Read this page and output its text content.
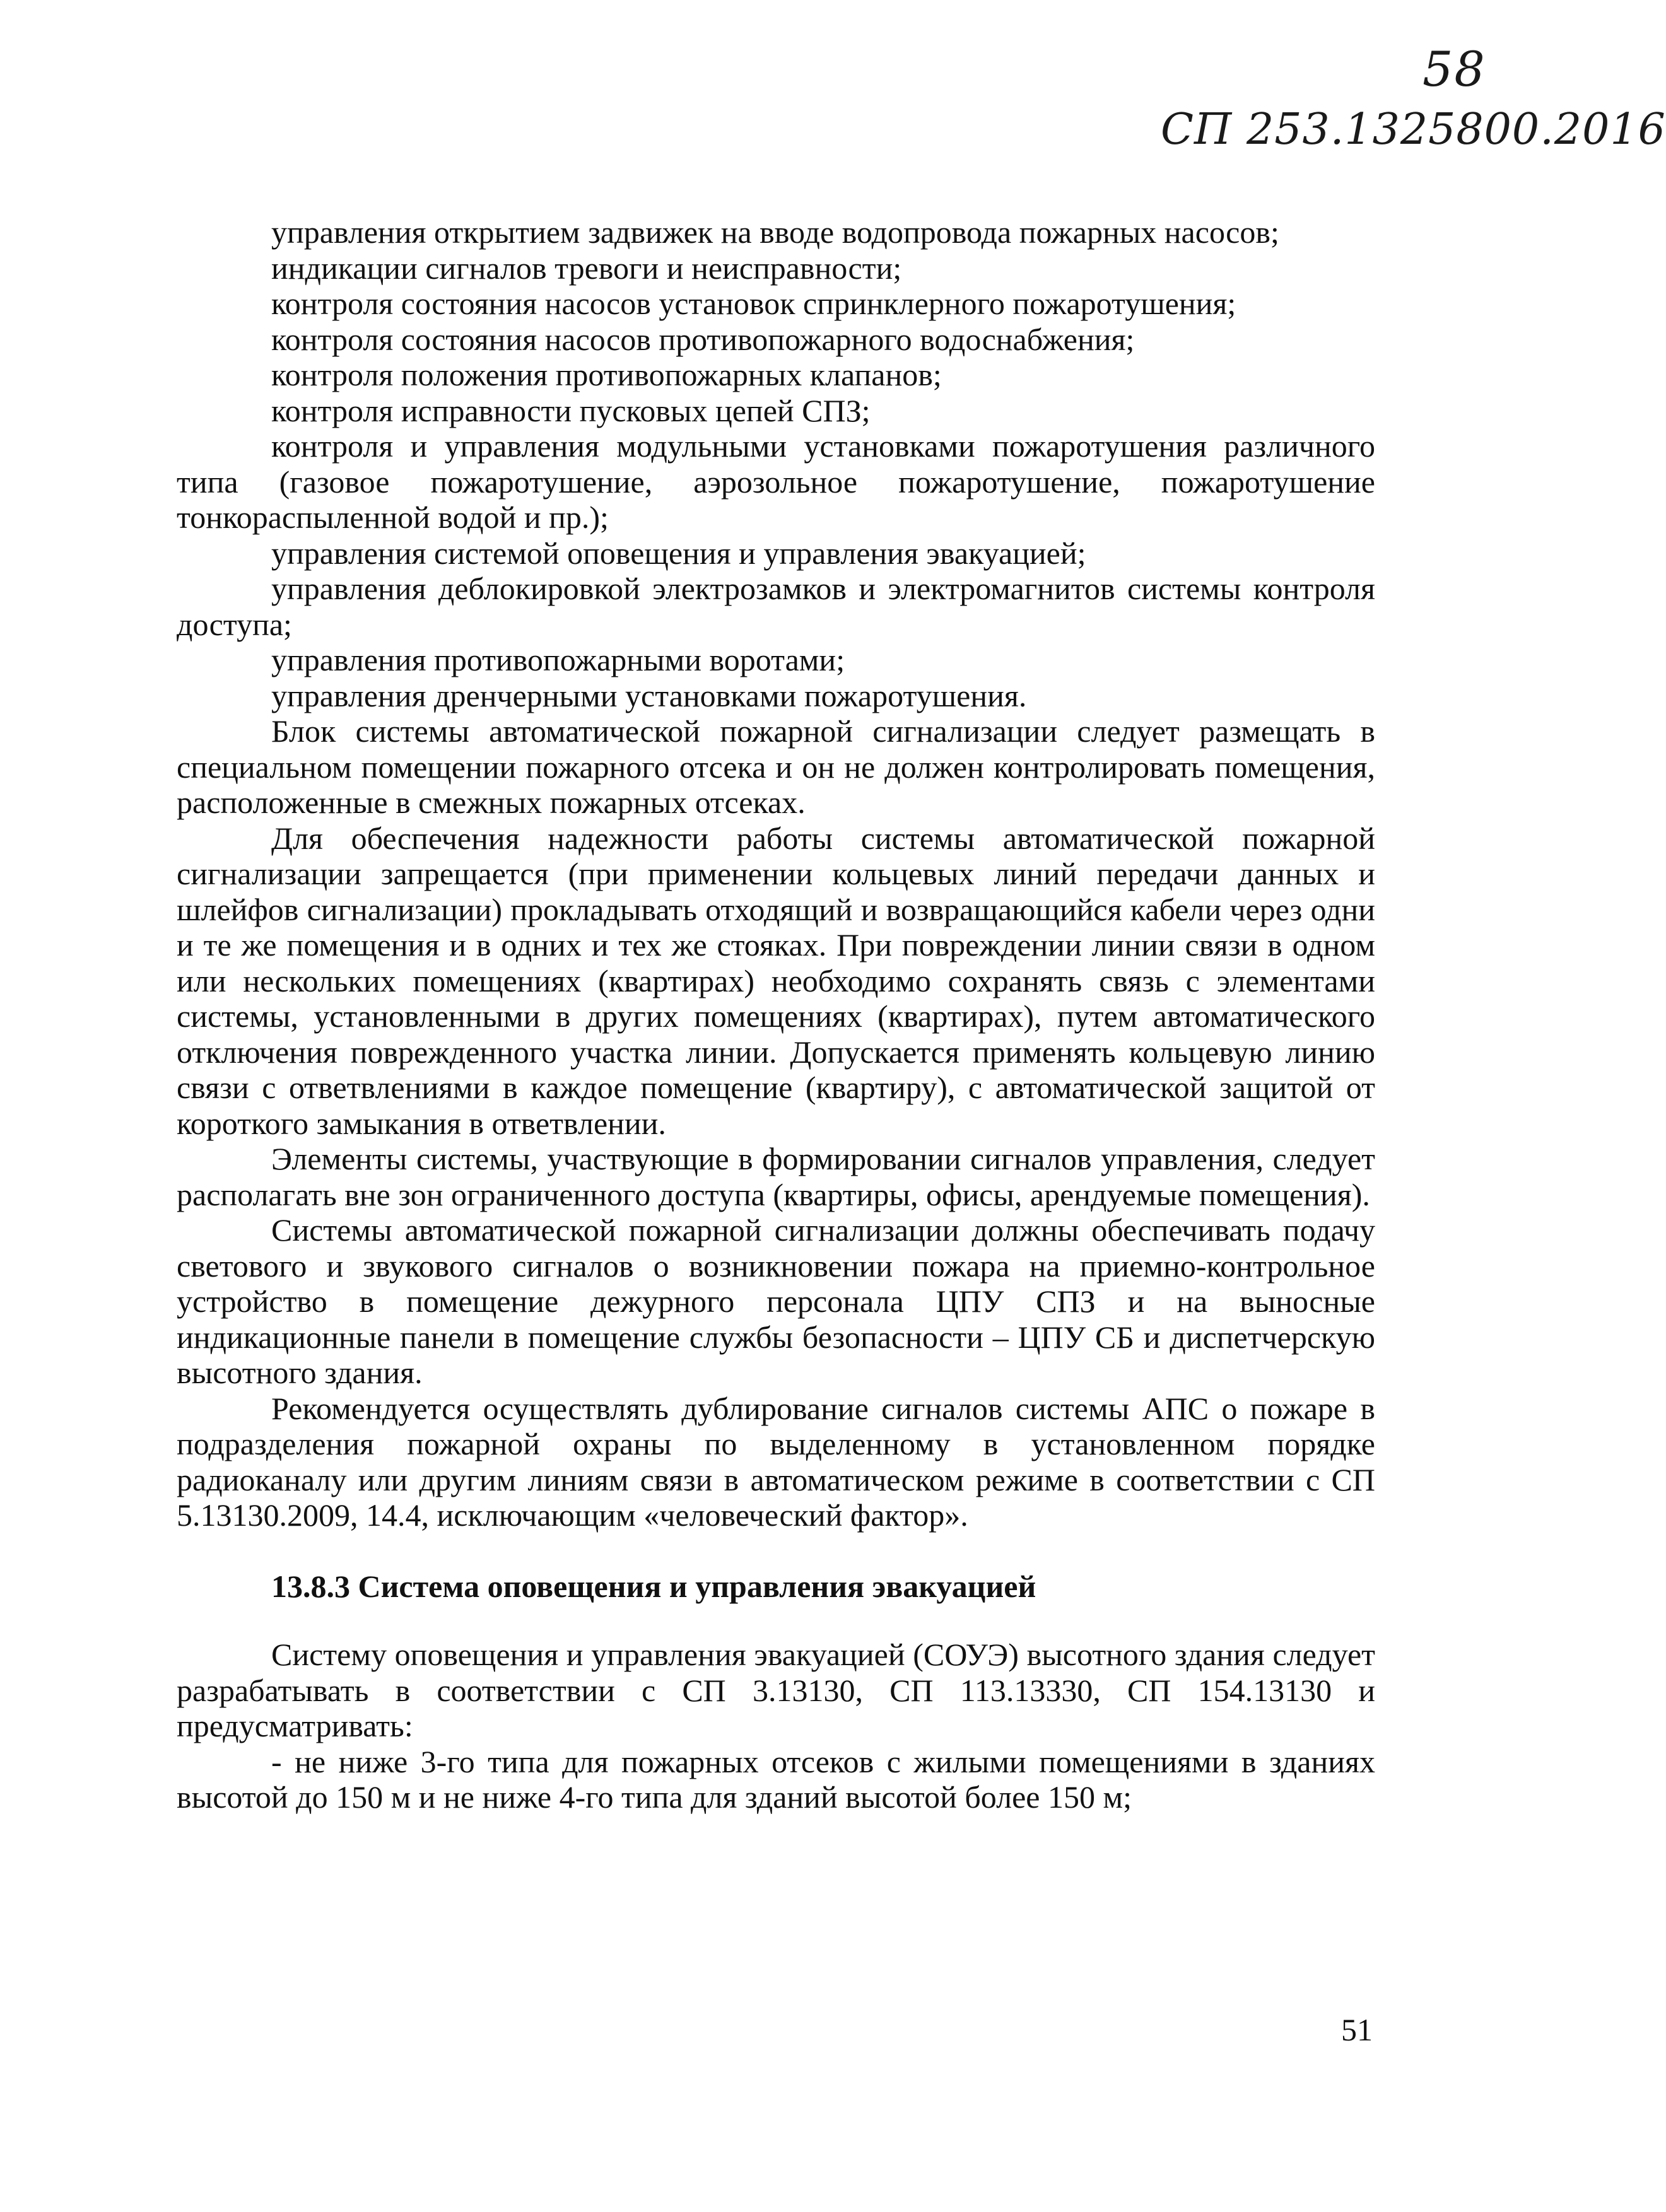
58
СП 253.1325800.2016

управления открытием задвижек на вводе водопровода пожарных насосов;

индикации сигналов тревоги и неисправности;

контроля состояния насосов установок спринклерного пожаротушения;

контроля состояния насосов противопожарного водоснабжения;

контроля положения противопожарных клапанов;

контроля исправности пусковых цепей СПЗ;

контроля и управления модульными установками пожаротушения различного типа (газовое пожаротушение, аэрозольное пожаротушение, пожаротушение тонкораспыленной водой и пр.);

управления системой оповещения и управления эвакуацией;

управления деблокировкой электрозамков и электромагнитов системы контроля доступа;

управления противопожарными воротами;

управления дренчерными установками пожаротушения.

Блок системы автоматической пожарной сигнализации следует размещать в специальном помещении пожарного отсека и он не должен контролировать помещения, расположенные в смежных пожарных отсеках.

Для обеспечения надежности работы системы автоматической пожарной сигнализации запрещается (при применении кольцевых линий передачи данных и шлейфов сигнализации) прокладывать отходящий и возвращающийся кабели через одни и те же помещения и в одних и тех же стояках. При повреждении линии связи в одном или нескольких помещениях (квартирах) необходимо сохранять связь с элементами системы, установленными в других помещениях (квартирах), путем автоматического отключения поврежденного участка линии. Допускается применять кольцевую линию связи с ответвлениями в каждое помещение (квартиру), с автоматической защитой от короткого замыкания в ответвлении.

Элементы системы, участвующие в формировании сигналов управления, следует располагать вне зон ограниченного доступа (квартиры, офисы, арендуемые помещения).

Системы автоматической пожарной сигнализации должны обеспечивать подачу светового и звукового сигналов о возникновении пожара на приемно-контрольное устройство в помещение дежурного персонала ЦПУ СПЗ и на выносные индикационные панели в помещение службы безопасности – ЦПУ СБ и диспетчерскую высотного здания.

Рекомендуется осуществлять дублирование сигналов системы АПС о пожаре в подразделения пожарной охраны по выделенному в установленном порядке радиоканалу или другим линиям связи в автоматическом режиме в соответствии с СП 5.13130.2009, 14.4, исключающим «человеческий фактор».

13.8.3 Система оповещения и управления эвакуацией

Систему оповещения и управления эвакуацией (СОУЭ) высотного здания следует разрабатывать в соответствии с СП 3.13130, СП 113.13330, СП 154.13130 и предусматривать:

- не ниже 3-го типа для пожарных отсеков с жилыми помещениями в зданиях высотой до 150 м и не ниже 4-го типа для зданий высотой более 150 м;

51
